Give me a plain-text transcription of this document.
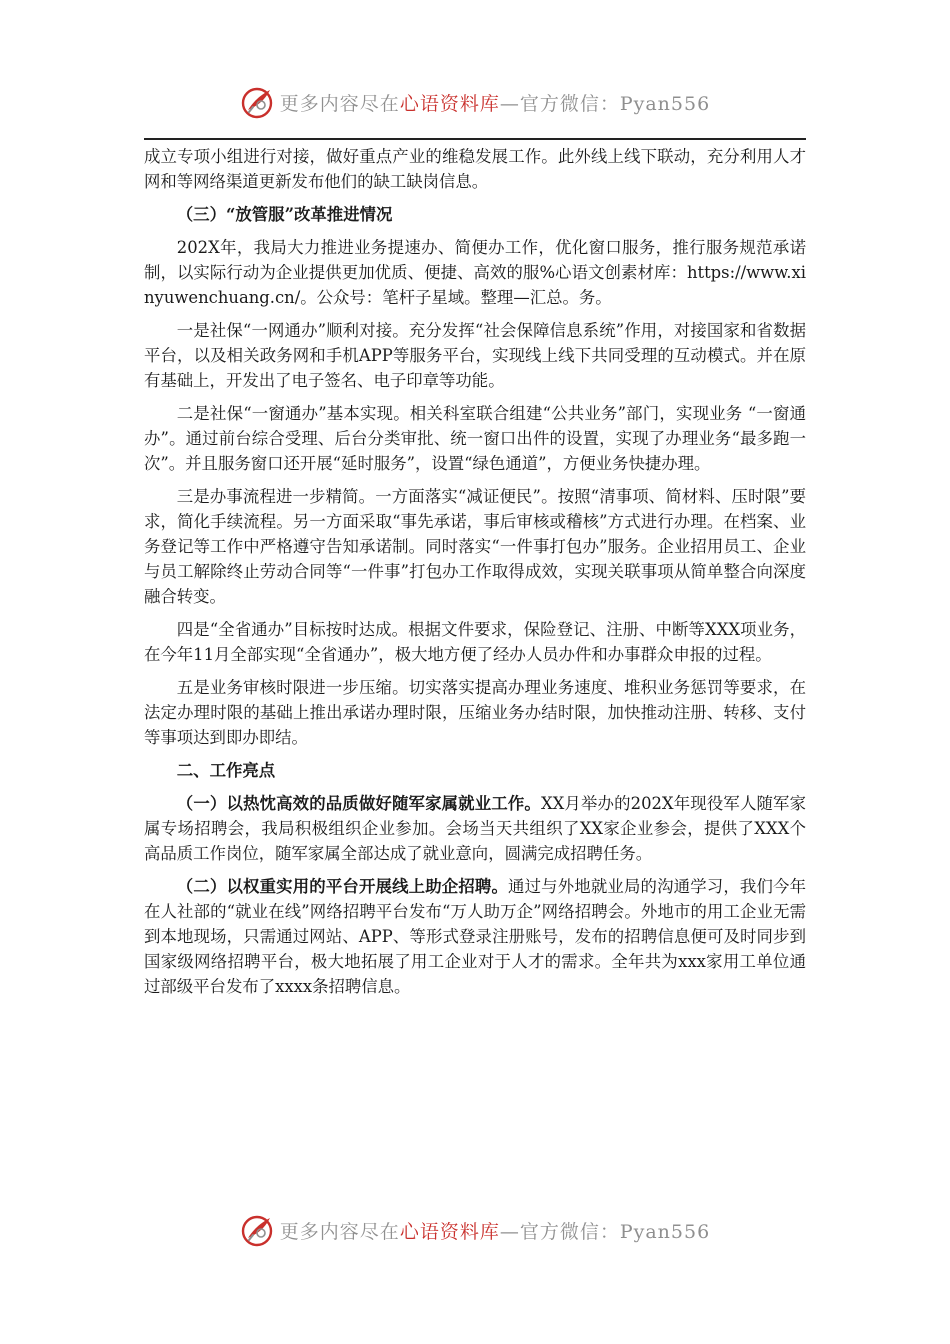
更多内容尽在心语资料库—官方微信：Pyan556

成立专项小组进行对接，做好重点产业的维稳发展工作。此外线上线下联动，充分利用人才网和等网络渠道更新发布他们的缺工缺岗信息。

（三）“放管服”改革推进情况

202X年，我局大力推进业务提速办、简便办工作，优化窗口服务，推行服务规范承诺制，以实际行动为企业提供更加优质、便捷、高效的服%心语文创素材库：https://www.xinyuwenchuang.cn/。公众号：笔杆子星域。整理—汇总。务。

一是社保“一网通办”顺利对接。充分发挥“社会保障信息系统”作用，对接国家和省数据平台，以及相关政务网和手机APP等服务平台，实现线上线下共同受理的互动模式。并在原有基础上，开发出了电子签名、电子印章等功能。

二是社保“一窗通办”基本实现。相关科室联合组建“公共业务”部门，实现业务 “一窗通办”。通过前台综合受理、后台分类审批、统一窗口出件的设置，实现了办理业务“最多跑一次”。并且服务窗口还开展“延时服务”，设置“绿色通道”，方便业务快捷办理。

三是办事流程进一步精简。一方面落实“减证便民”。按照“清事项、简材料、压时限”要求，简化手续流程。另一方面采取“事先承诺，事后审核或稽核”方式进行办理。在档案、业务登记等工作中严格遵守告知承诺制。同时落实“一件事打包办”服务。企业招用员工、企业与员工解除终止劳动合同等“一件事”打包办工作取得成效，实现关联事项从简单整合向深度融合转变。

四是“全省通办”目标按时达成。根据文件要求，保险登记、注册、中断等XXX项业务，在今年11月全部实现“全省通办”，极大地方便了经办人员办件和办事群众申报的过程。

五是业务审核时限进一步压缩。切实落实提高办理业务速度、堆积业务惩罚等要求，在法定办理时限的基础上推出承诺办理时限，压缩业务办结时限，加快推动注册、转移、支付等事项达到即办即结。

二、工作亮点

（一）以热忱高效的品质做好随军家属就业工作。XX月举办的202X年现役军人随军家属专场招聘会，我局积极组织企业参加。会场当天共组织了XX家企业参会，提供了XXX个高品质工作岗位，随军家属全部达成了就业意向，圆满完成招聘任务。

（二）以权重实用的平台开展线上助企招聘。通过与外地就业局的沟通学习，我们今年在人社部的“就业在线”网络招聘平台发布“万人助万企”网络招聘会。外地市的用工企业无需到本地现场，只需通过网站、APP、等形式登录注册账号，发布的招聘信息便可及时同步到国家级网络招聘平台，极大地拓展了用工企业对于人才的需求。全年共为xxx家用工单位通过部级平台发布了xxxx条招聘信息。

更多内容尽在心语资料库—官方微信：Pyan556
